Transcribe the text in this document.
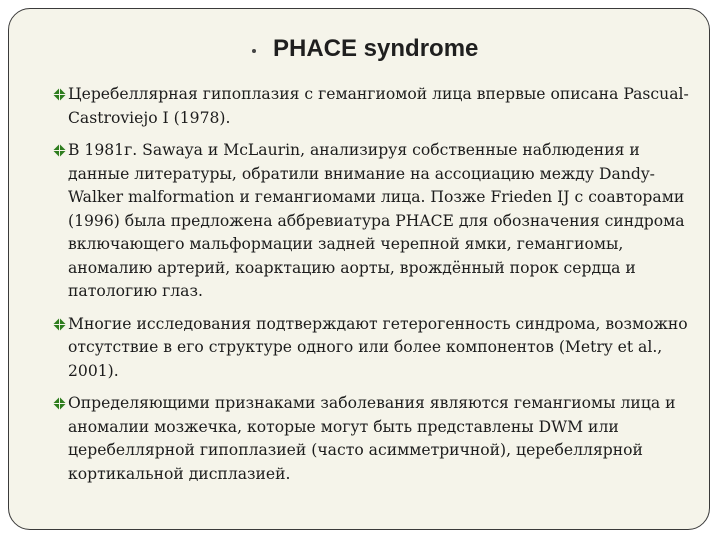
PHACE syndrome
Церебеллярная гипоплазия с гемангиомой лица впервые описана Pascual-Castroviejo I (1978).
В 1981г. Sawaya и McLaurin, анализируя собственные наблюдения и данные литературы, обратили внимание на ассоциацию между Dandy-Walker malformation и гемангиомами лица. Позже Frieden IJ с соавторами (1996) была предложена аббревиатура PHACE для обозначения синдрома включающего мальформации задней черепной ямки, гемангиомы, аномалию артерий, коарктацию аорты, врождённый порок сердца и патологию глаз.
Многие исследования подтверждают гетерогенность синдрома, возможно отсутствие в его структуре одного или более компонентов (Metry et al., 2001).
Определяющими признаками заболевания являются гемангиомы лица и аномалии мозжечка, которые могут быть представлены DWM или церебеллярной гипоплазией (часто асимметричной), церебеллярной кортикальной дисплазией.
